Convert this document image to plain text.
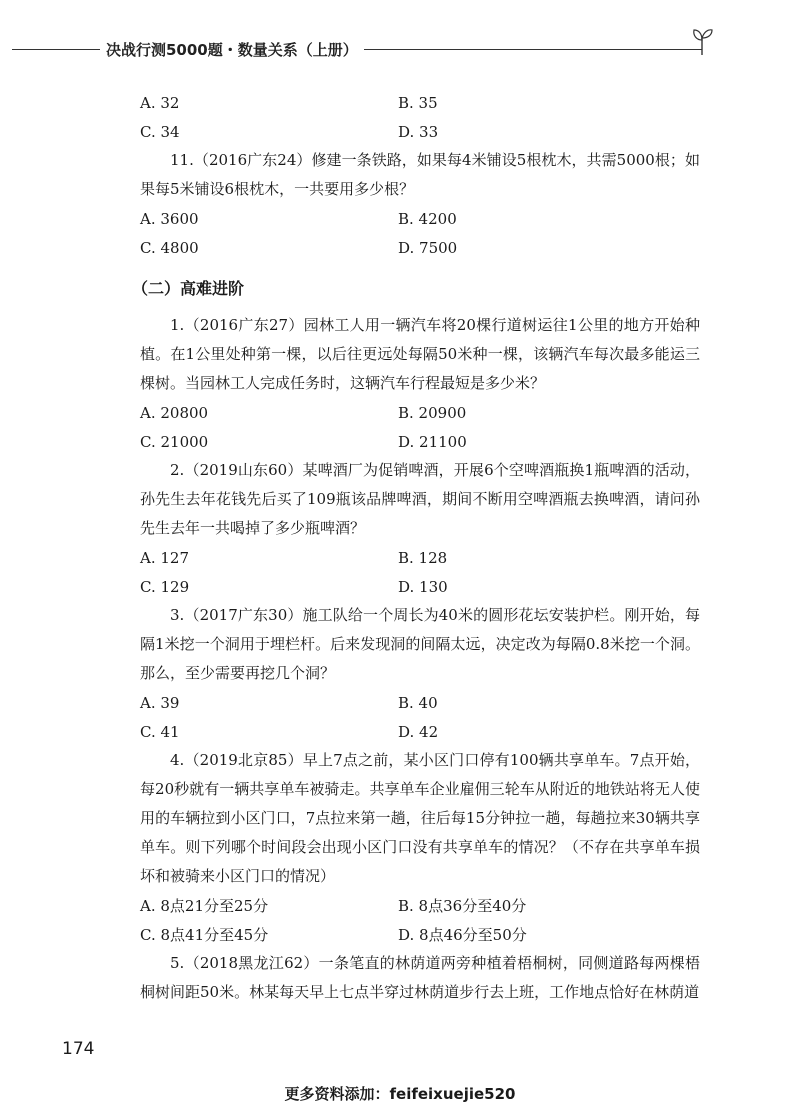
决战行测5000题・数量关系（上册）
A. 32	B. 35
C. 34	D. 33

11.（2016广东24）修建一条铁路，如果每4米铺设5根枕木，共需5000根；如果每5米铺设6根枕木，一共要用多少根？

A. 3600	B. 4200
C. 4800	D. 7500
（二）高难进阶

1.（2016广东27）园林工人用一辆汽车将20棵行道树运往1公里的地方开始种植。在1公里处种第一棵，以后往更远处每隔50米种一棵，该辆汽车每次最多能运三棵树。当园林工人完成任务时，这辆汽车行程最短是多少米？

A. 20800	B. 20900
C. 21000	D. 21100

2.（2019山东60）某啤酒厂为促销啤酒，开展6个空啤酒瓶换1瓶啤酒的活动，孙先生去年花钱先后买了109瓶该品牌啤酒，期间不断用空啤酒瓶去换啤酒，请问孙先生去年一共喝掉了多少瓶啤酒？

A. 127	B. 128
C. 129	D. 130

3.（2017广东30）施工队给一个周长为40米的圆形花坛安装护栏。刚开始，每隔1米挖一个洞用于埋栏杆。后来发现洞的间隔太远，决定改为每隔0.8米挖一个洞。那么，至少需要再挖几个洞？

A. 39	B. 40
C. 41	D. 42

4.（2019北京85）早上7点之前，某小区门口停有100辆共享单车。7点开始，每20秒就有一辆共享单车被骑走。共享单车企业雇佣三轮车从附近的地铁站将无人使用的车辆拉到小区门口，7点拉来第一趟，往后每15分钟拉一趟，每趟拉来30辆共享单车。则下列哪个时间段会出现小区门口没有共享单车的情况？（不存在共享单车损坏和被骑来小区门口的情况）

A. 8点21分至25分	B. 8点36分至40分
C. 8点41分至45分	D. 8点46分至50分

5.（2018黑龙江62）一条笔直的林荫道两旁种植着梧桐树，同侧道路每两棵梧桐树间距50米。林某每天早上七点半穿过林荫道步行去上班，工作地点恰好在林荫道

174
更多资料添加：feifeixuejie520
